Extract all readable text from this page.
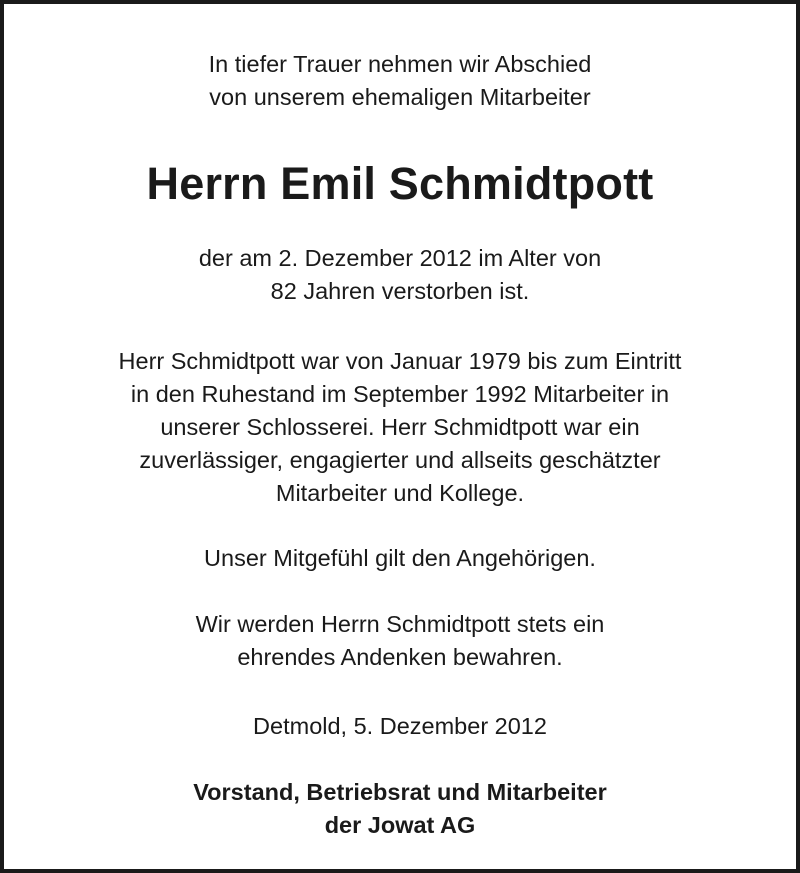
In tiefer Trauer nehmen wir Abschied
von unserem ehemaligen Mitarbeiter

Herrn Emil Schmidtpott

der am 2. Dezember 2012 im Alter von
82 Jahren verstorben ist.

Herr Schmidtpott war von Januar 1979 bis zum Eintritt
in den Ruhestand im September 1992 Mitarbeiter in
unserer Schlosserei. Herr Schmidtpott war ein
zuverlässiger, engagierter und allseits geschätzter
Mitarbeiter und Kollege.

Unser Mitgefühl gilt den Angehörigen.

Wir werden Herrn Schmidtpott stets ein
ehrendes Andenken bewahren.

Detmold, 5. Dezember 2012

Vorstand, Betriebsrat und Mitarbeiter
der Jowat AG
